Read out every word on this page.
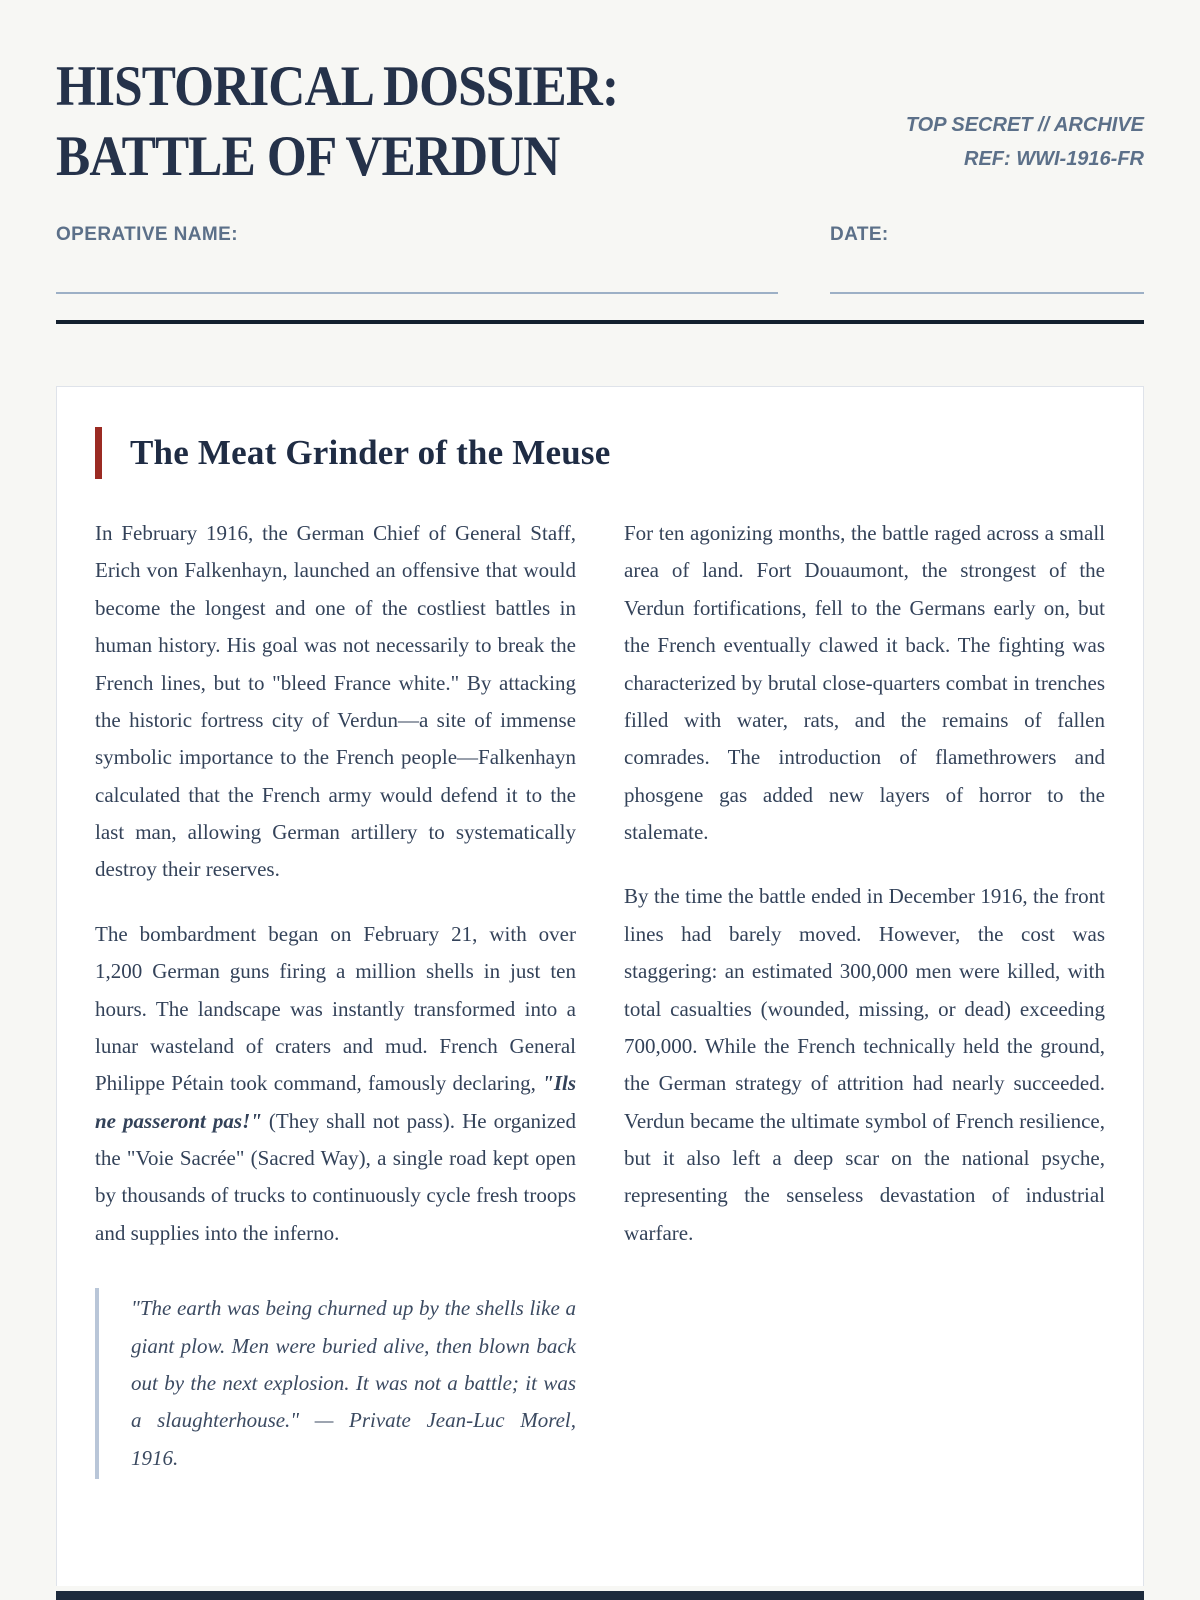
HISTORICAL DOSSIER:
BATTLE OF VERDUN	TOP SECRET // ARCHIVE
REF: WWI-1916-FR
OPERATIVE NAME:	DATE:
The Meat Grinder of the Meuse

In February 1916, the German Chief of General Staff, Erich von Falkenhayn, launched an offensive that would become the longest and one of the costliest battles in human history. His goal was not necessarily to break the French lines, but to "bleed France white." By attacking the historic fortress city of Verdun—a site of immense symbolic importance to the French people—Falkenhayn calculated that the French army would defend it to the last man, allowing German artillery to systematically destroy their reserves.

The bombardment began on February 21, with over 1,200 German guns firing a million shells in just ten hours. The landscape was instantly transformed into a lunar wasteland of craters and mud. French General Philippe Pétain took command, famously declaring, "Ils ne passeront pas!" (They shall not pass). He organized the "Voie Sacrée" (Sacred Way), a single road kept open by thousands of trucks to continuously cycle fresh troops and supplies into the inferno.

"The earth was being churned up by the shells like a giant plow. Men were buried alive, then blown back out by the next explosion. It was not a battle; it was a slaughterhouse." — Private Jean-Luc Morel, 1916.

For ten agonizing months, the battle raged across a small area of land. Fort Douaumont, the strongest of the Verdun fortifications, fell to the Germans early on, but the French eventually clawed it back. The fighting was characterized by brutal close-quarters combat in trenches filled with water, rats, and the remains of fallen comrades. The introduction of flamethrowers and phosgene gas added new layers of horror to the stalemate.

By the time the battle ended in December 1916, the front lines had barely moved. However, the cost was staggering: an estimated 300,000 men were killed, with total casualties (wounded, missing, or dead) exceeding 700,000. While the French technically held the ground, the German strategy of attrition had nearly succeeded. Verdun became the ultimate symbol of French resilience, but it also left a deep scar on the national psyche, representing the senseless devastation of industrial warfare.
